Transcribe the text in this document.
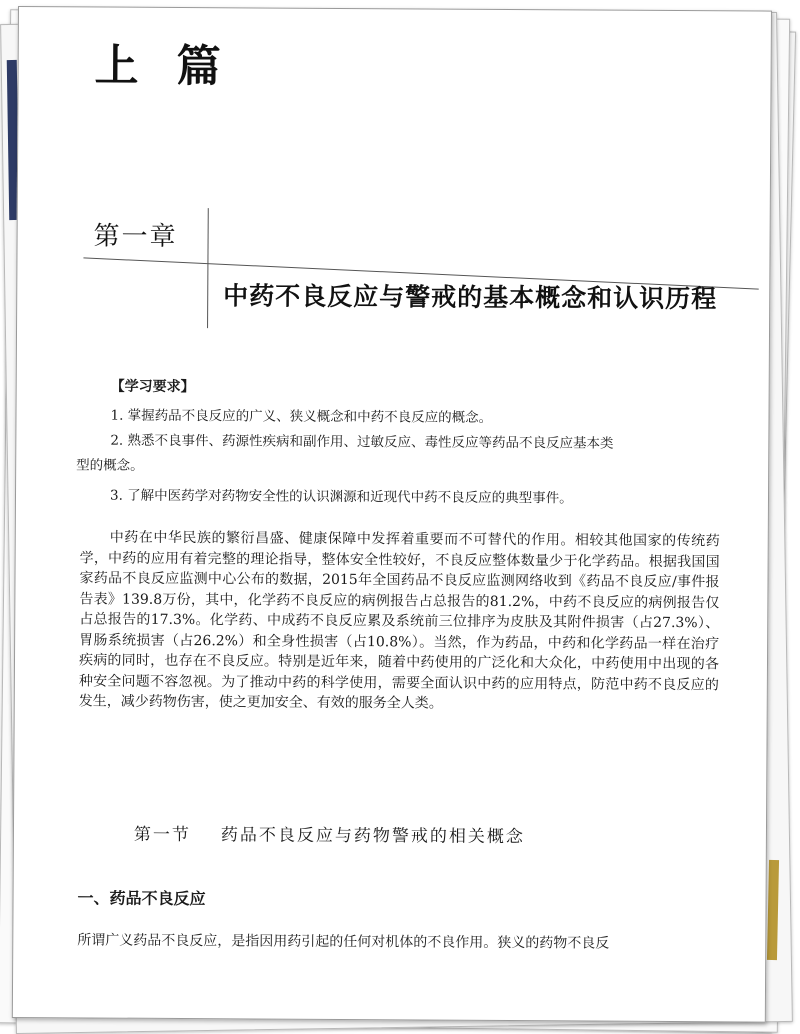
上篇
第一章
中药不良反应与警戒的基本概念和认识历程
【学习要求】
1. 掌握药品不良反应的广义、狭义概念和中药不良反应的概念。
2. 熟悉不良事件、药源性疾病和副作用、过敏反应、毒性反应等药品不良反应基本类
型的概念。
3. 了解中医药学对药物安全性的认识渊源和近现代中药不良反应的典型事件。
中药在中华民族的繁衍昌盛、健康保障中发挥着重要而不可替代的作用。相较其他国家的传统药学，中药的应用有着完整的理论指导，整体安全性较好，不良反应整体数量少于化学药品。根据我国国家药品不良反应监测中心公布的数据，2015年全国药品不良反应监测网络收到《药品不良反应/事件报告表》139.8万份，其中，化学药不良反应的病例报告占总报告的81.2%，中药不良反应的病例报告仅占总报告的17.3%。化学药、中成药不良反应累及系统前三位排序为皮肤及其附件损害（占27.3%）、胃肠系统损害（占26.2%）和全身性损害（占10.8%）。当然，作为药品，中药和化学药品一样在治疗疾病的同时，也存在不良反应。特别是近年来，随着中药使用的广泛化和大众化，中药使用中出现的各种安全问题不容忽视。为了推动中药的科学使用，需要全面认识中药的应用特点，防范中药不良反应的发生，减少药物伤害，使之更加安全、有效的服务全人类。
第一节 药品不良反应与药物警戒的相关概念
一、药品不良反应
所谓广义药品不良反应，是指因用药引起的任何对机体的不良作用。狭义的药物不良反
